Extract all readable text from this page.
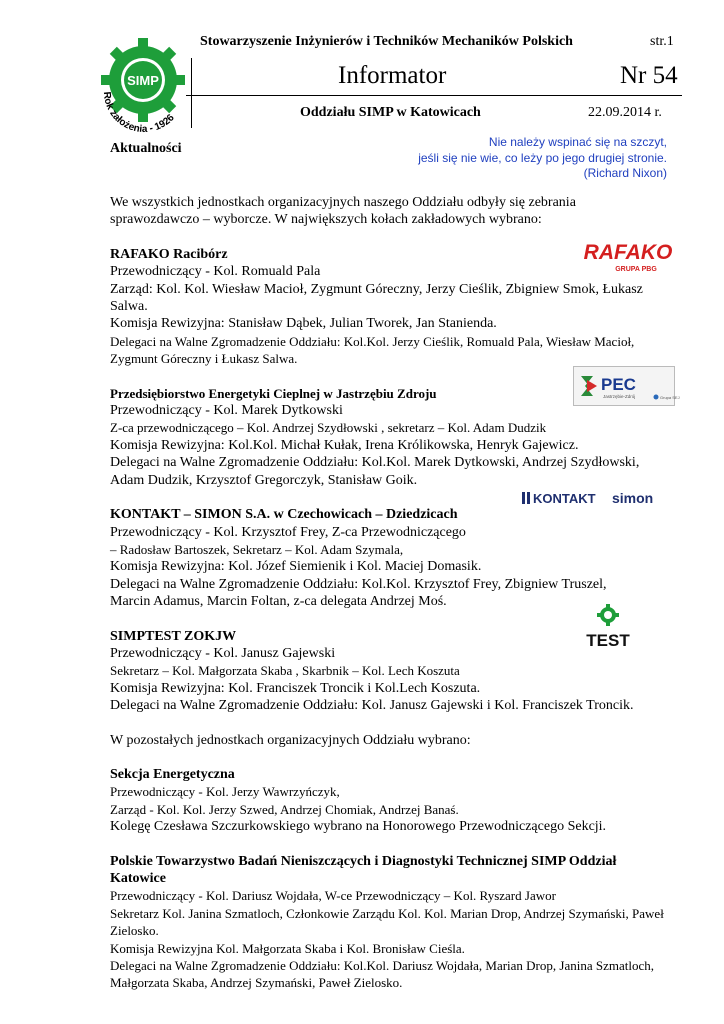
SIMP
Rok założenia - 1926
Stowarzyszenie Inżynierów i Techników Mechaników Polskich	str.1
Informator	Nr 54
Oddziału SIMP w Katowicach	22.09.2014 r.
Aktualności	Nie należy wspinać się na szczyt,
jeśli się nie wie, co leży po jego drugiej stronie.
(Richard Nixon)

We wszystkich jednostkach organizacyjnych naszego Oddziału odbyły się zebrania

sprawozdawczo – wyborcze. W największych kołach zakładowych wybrano:

RAFAKO Racibórz

Przewodniczący - Kol. Romuald Pala

Zarząd: Kol. Kol. Wiesław Macioł, Zygmunt Góreczny, Jerzy Cieślik, Zbigniew Smok, Łukasz

Salwa.

Komisja Rewizyjna: Stanisław Dąbek, Julian Tworek, Jan Stanienda.

Delegaci na Walne Zgromadzenie Oddziału: Kol.Kol. Jerzy Cieślik, Romuald Pala, Wiesław Macioł,

Zygmunt Góreczny i Łukasz Salwa.

Przedsiębiorstwo Energetyki Cieplnej w Jastrzębiu Zdroju

Przewodniczący - Kol. Marek Dytkowski

Z-ca przewodniczącego – Kol. Andrzej Szydłowski , sekretarz – Kol. Adam Dudzik

Komisja Rewizyjna: Kol.Kol. Michał Kułak, Irena Królikowska, Henryk Gajewicz.

Delegaci na Walne Zgromadzenie Oddziału: Kol.Kol. Marek Dytkowski, Andrzej Szydłowski,

Adam Dudzik, Krzysztof Gregorczyk, Stanisław Goik.

KONTAKT – SIMON S.A. w Czechowicach – Dziedzicach

Przewodniczący - Kol. Krzysztof Frey, Z-ca Przewodniczącego

– Radosław Bartoszek, Sekretarz – Kol. Adam Szymala,

Komisja Rewizyjna: Kol. Józef Siemienik i Kol. Maciej Domasik.

Delegaci na Walne Zgromadzenie Oddziału: Kol.Kol. Krzysztof Frey, Zbigniew Truszel,

Marcin Adamus, Marcin Foltan, z-ca delegata Andrzej Moś.

SIMPTEST ZOKJW

Przewodniczący - Kol. Janusz Gajewski

Sekretarz – Kol. Małgorzata Skaba , Skarbnik – Kol. Lech Koszuta

Komisja Rewizyjna: Kol. Franciszek Troncik i Kol.Lech Koszuta.

Delegaci na Walne Zgromadzenie Oddziału: Kol. Janusz Gajewski i Kol. Franciszek Troncik.

W pozostałych jednostkach organizacyjnych Oddziału wybrano:

Sekcja Energetyczna

Przewodniczący - Kol. Jerzy Wawrzyńczyk,

Zarząd - Kol. Kol. Jerzy Szwed, Andrzej Chomiak, Andrzej Banaś.

Kolegę Czesława Szczurkowskiego wybrano na Honorowego Przewodniczącego Sekcji.

Polskie Towarzystwo Badań Nieniszczących i Diagnostyki Technicznej SIMP Oddział

Katowice

Przewodniczący - Kol. Dariusz Wojdała, W-ce Przewodniczący – Kol. Ryszard Jawor

Sekretarz Kol. Janina Szmatloch, Członkowie Zarządu Kol. Kol. Marian Drop, Andrzej Szymański, Paweł

Zielosko.

Komisja Rewizyjna Kol. Małgorzata Skaba i Kol. Bronisław Cieśla.

Delegaci na Walne Zgromadzenie Oddziału: Kol.Kol. Dariusz Wojdała, Marian Drop, Janina Szmatloch,

Małgorzata Skaba, Andrzej Szymański, Paweł Zielosko.

RAFAKO
GRUPA PBG
PEC
Jastrzębie-Zdrój	Grupa SEJ
KONTAKT simon
TEST
